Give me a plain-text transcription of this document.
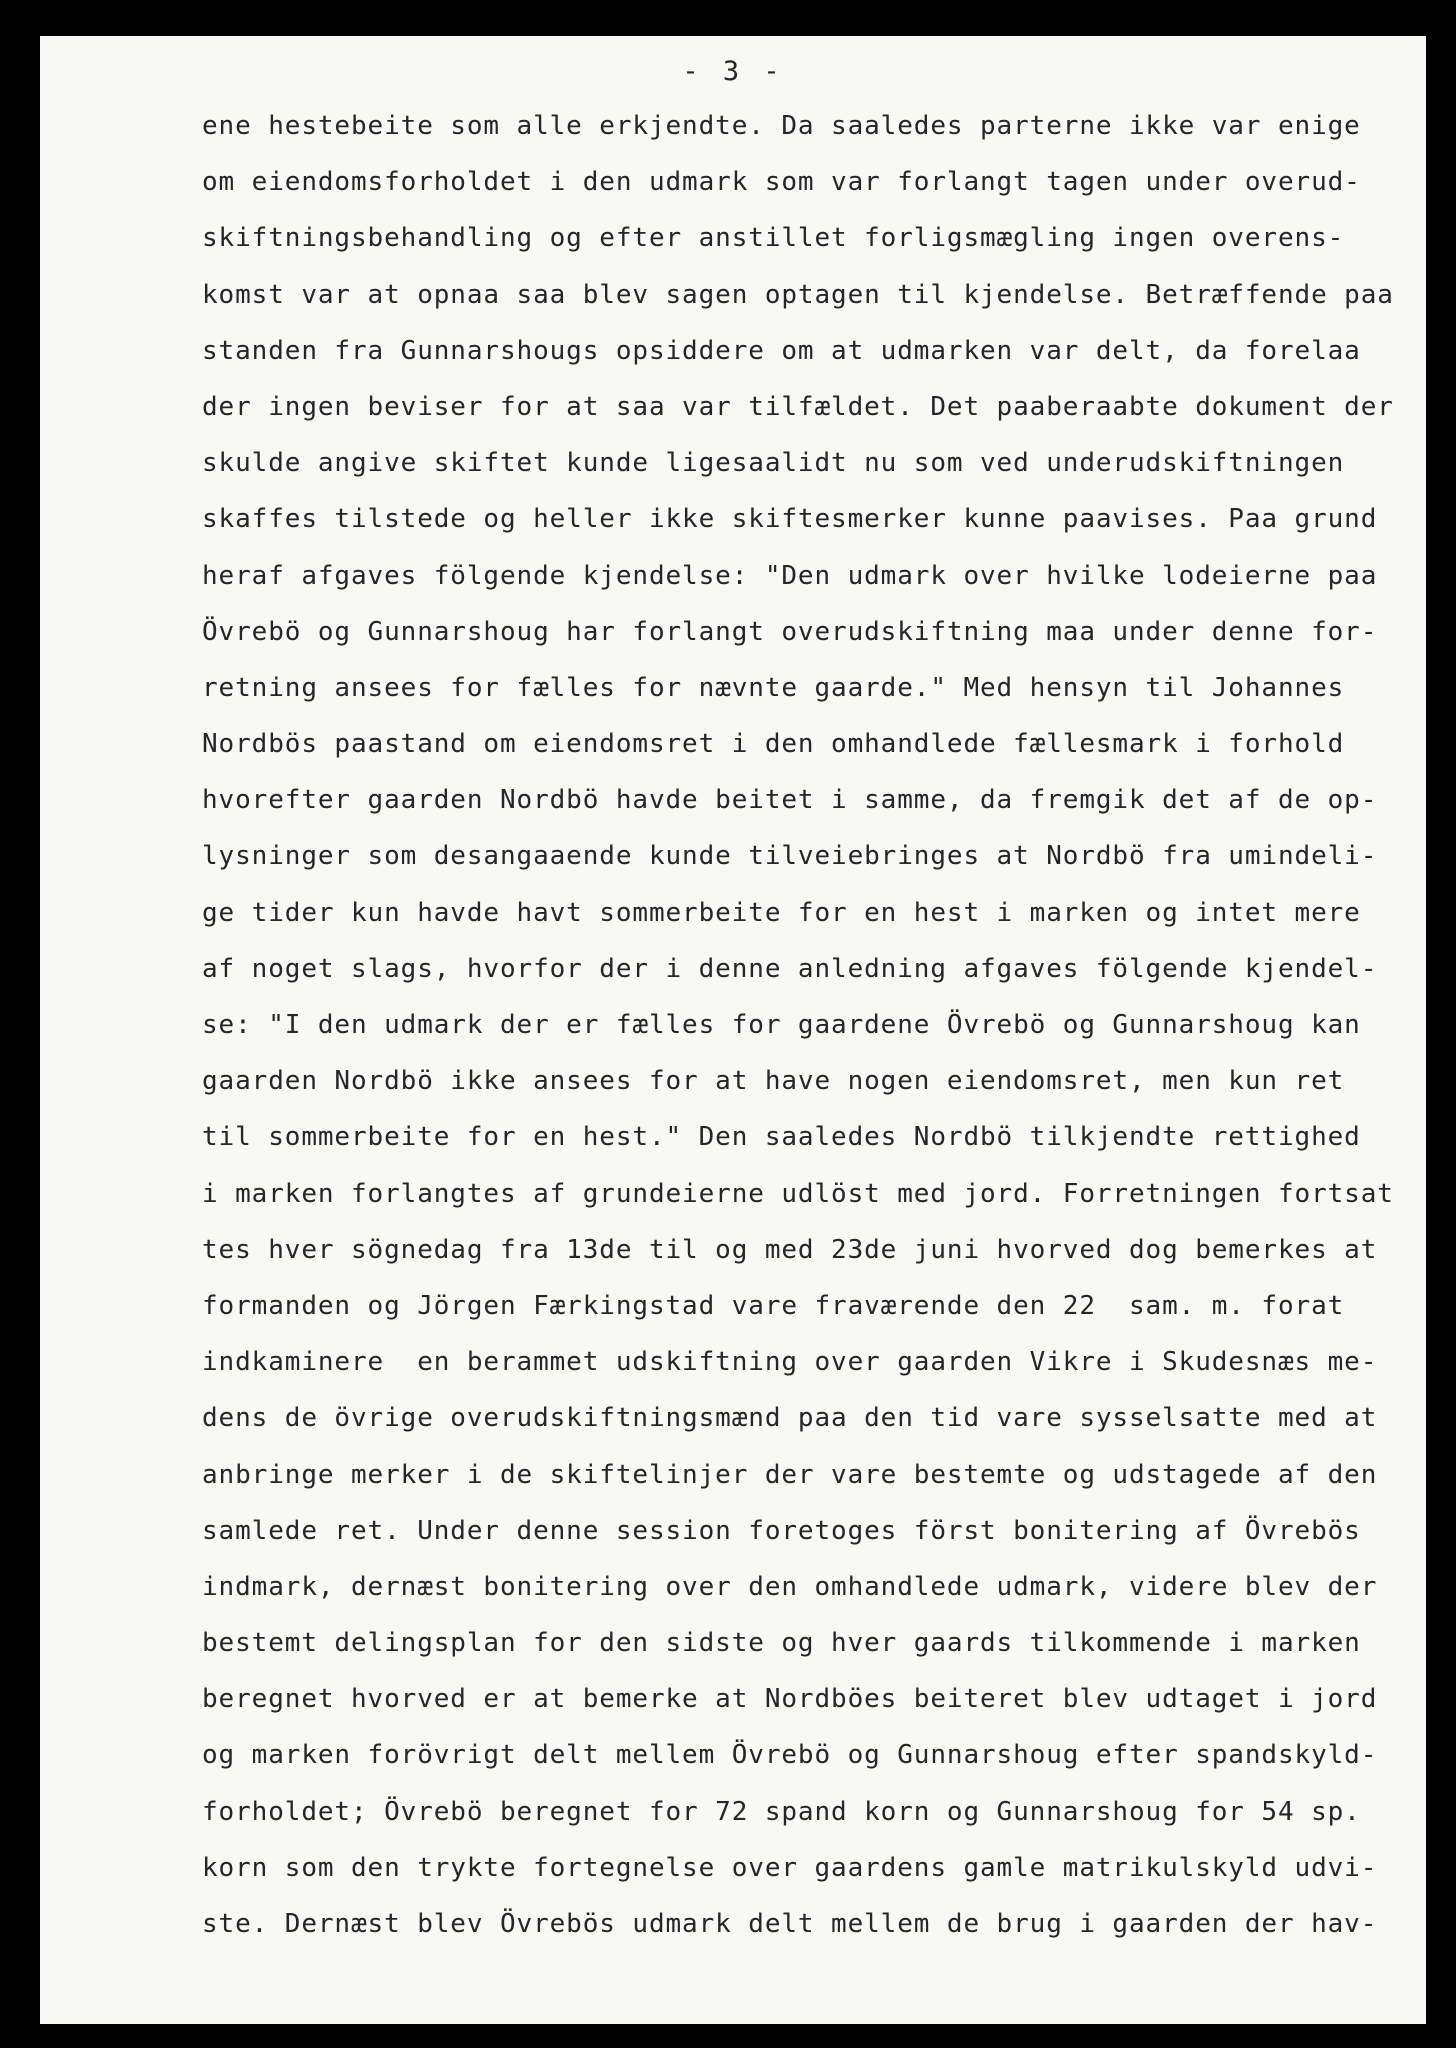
- 3 -
ene hestebeite som alle erkjendte. Da saaledes parterne ikke var enige
om eiendomsforholdet i den udmark som var forlangt tagen under overud-
skiftningsbehandling og efter anstillet forligsmægling ingen overens-
komst var at opnaa saa blev sagen optagen til kjendelse. Betræffende paa
standen fra Gunnarshougs opsiddere om at udmarken var delt, da forelaa
der ingen beviser for at saa var tilfældet. Det paaberaabte dokument der
skulde angive skiftet kunde ligesaalidt nu som ved underudskiftningen
skaffes tilstede og heller ikke skiftesmerker kunne paavises. Paa grund
heraf afgaves fölgende kjendelse: "Den udmark over hvilke lodeierne paa
Övrebö og Gunnarshoug har forlangt overudskiftning maa under denne for-
retning ansees for fælles for nævnte gaarde." Med hensyn til Johannes
Nordbös paastand om eiendomsret i den omhandlede fællesmark i forhold
hvorefter gaarden Nordbö havde beitet i samme, da fremgik det af de op-
lysninger som desangaaende kunde tilveiebringes at Nordbö fra umindeli-
ge tider kun havde havt sommerbeite for en hest i marken og intet mere
af noget slags, hvorfor der i denne anledning afgaves fölgende kjendel-
se: "I den udmark der er fælles for gaardene Övrebö og Gunnarshoug kan
gaarden Nordbö ikke ansees for at have nogen eiendomsret, men kun ret
til sommerbeite for en hest." Den saaledes Nordbö tilkjendte rettighed
i marken forlangtes af grundeierne udlöst med jord. Forretningen fortsat
tes hver sögnedag fra 13de til og med 23de juni hvorved dog bemerkes at
formanden og Jörgen Færkingstad vare fraværende den 22  sam. m. forat
indkaminere  en berammet udskiftning over gaarden Vikre i Skudesnæs me-
dens de övrige overudskiftningsmænd paa den tid vare sysselsatte med at
anbringe merker i de skiftelinjer der vare bestemte og udstagede af den
samlede ret. Under denne session foretoges först bonitering af Övrebös
indmark, dernæst bonitering over den omhandlede udmark, videre blev der
bestemt delingsplan for den sidste og hver gaards tilkommende i marken
beregnet hvorved er at bemerke at Nordböes beiteret blev udtaget i jord
og marken forövrigt delt mellem Övrebö og Gunnarshoug efter spandskyld-
forholdet; Övrebö beregnet for 72 spand korn og Gunnarshoug for 54 sp.
korn som den trykte fortegnelse over gaardens gamle matrikulskyld udvi-
ste. Dernæst blev Övrebös udmark delt mellem de brug i gaarden der hav-
